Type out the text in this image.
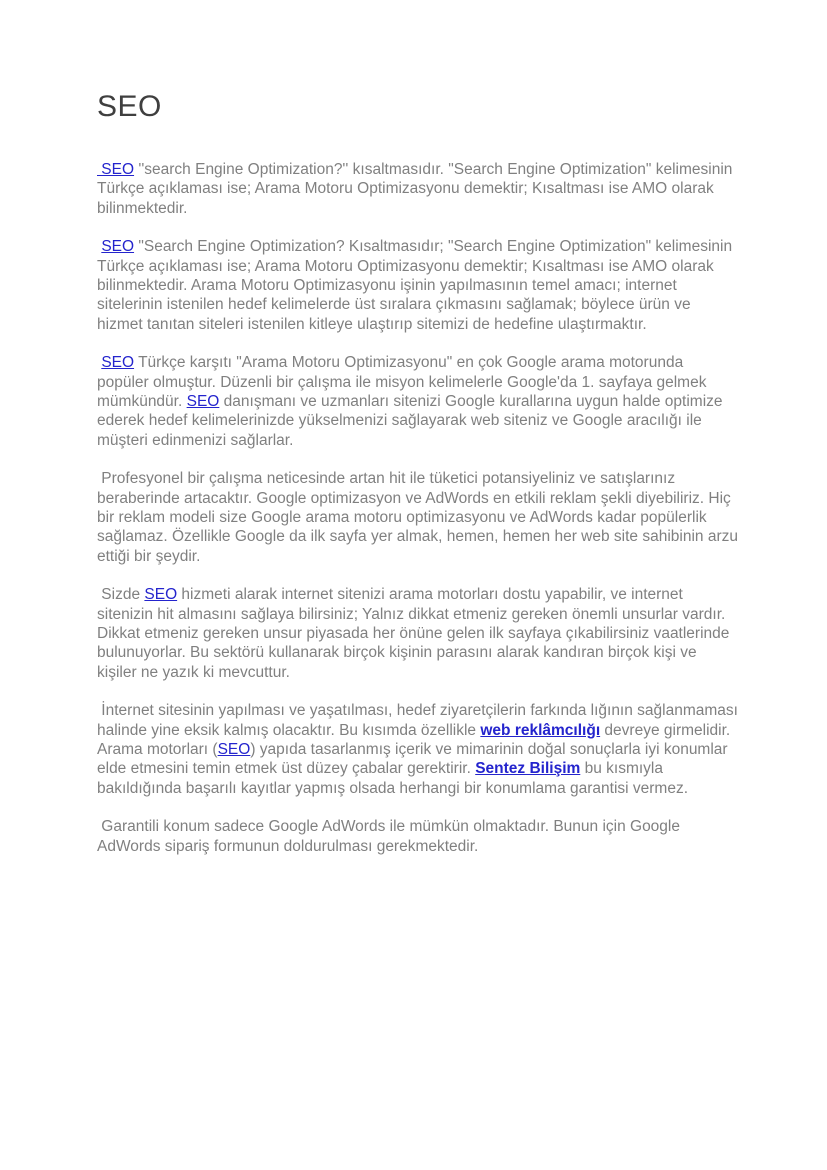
SEO

SEO ''search Engine Optimization?'' kısaltmasıdır. "Search Engine Optimization" kelimesinin Türkçe açıklaması ise; Arama Motoru Optimizasyonu demektir; Kısaltması ise AMO olarak bilinmektedir.

SEO "Search Engine Optimization? Kısaltmasıdır; "Search Engine Optimization" kelimesinin Türkçe açıklaması ise; Arama Motoru Optimizasyonu demektir; Kısaltması ise AMO olarak bilinmektedir. Arama Motoru Optimizasyonu işinin yapılmasının temel amacı; internet sitelerinin istenilen hedef kelimelerde üst sıralara çıkmasını sağlamak; böylece ürün ve hizmet tanıtan siteleri istenilen kitleye ulaştırıp sitemizi de hedefine ulaştırmaktır.

SEO Türkçe karşıtı "Arama Motoru Optimizasyonu" en çok Google arama motorunda popüler olmuştur. Düzenli bir çalışma ile misyon kelimelerle Google'da 1. sayfaya gelmek mümkündür. SEO danışmanı ve uzmanları sitenizi Google kurallarına uygun halde optimize ederek hedef kelimelerinizde yükselmenizi sağlayarak web siteniz ve Google aracılığı ile müşteri edinmenizi sağlarlar.

Profesyonel bir çalışma neticesinde artan hit ile tüketici potansiyeliniz ve satışlarınız beraberinde artacaktır. Google optimizasyon ve AdWords en etkili reklam şekli diyebiliriz. Hiç bir reklam modeli size Google arama motoru optimizasyonu ve AdWords kadar popülerlik sağlamaz. Özellikle Google da ilk sayfa yer almak, hemen, hemen her web site sahibinin arzu ettiği bir şeydir.

Sizde SEO hizmeti alarak internet sitenizi arama motorları dostu yapabilir, ve internet sitenizin hit almasını sağlaya bilirsiniz; Yalnız dikkat etmeniz gereken önemli unsurlar vardır. Dikkat etmeniz gereken unsur piyasada her önüne gelen ilk sayfaya çıkabilirsiniz vaatlerinde bulunuyorlar. Bu sektörü kullanarak birçok kişinin parasını alarak kandıran birçok kişi ve kişiler ne yazık ki mevcuttur.

İnternet sitesinin yapılması ve yaşatılması, hedef ziyaretçilerin farkında lığının sağlanmaması halinde yine eksik kalmış olacaktır. Bu kısımda özellikle web reklâmcılığı devreye girmelidir. Arama motorları (SEO) yapıda tasarlanmış içerik ve mimarinin doğal sonuçlarla iyi konumlar elde etmesini temin etmek üst düzey çabalar gerektirir. Sentez Bilişim bu kısmıyla bakıldığında başarılı kayıtlar yapmış olsada herhangi bir konumlama garantisi vermez.

Garantili konum sadece Google AdWords ile mümkün olmaktadır. Bunun için Google AdWords sipariş formunun doldurulması gerekmektedir.
